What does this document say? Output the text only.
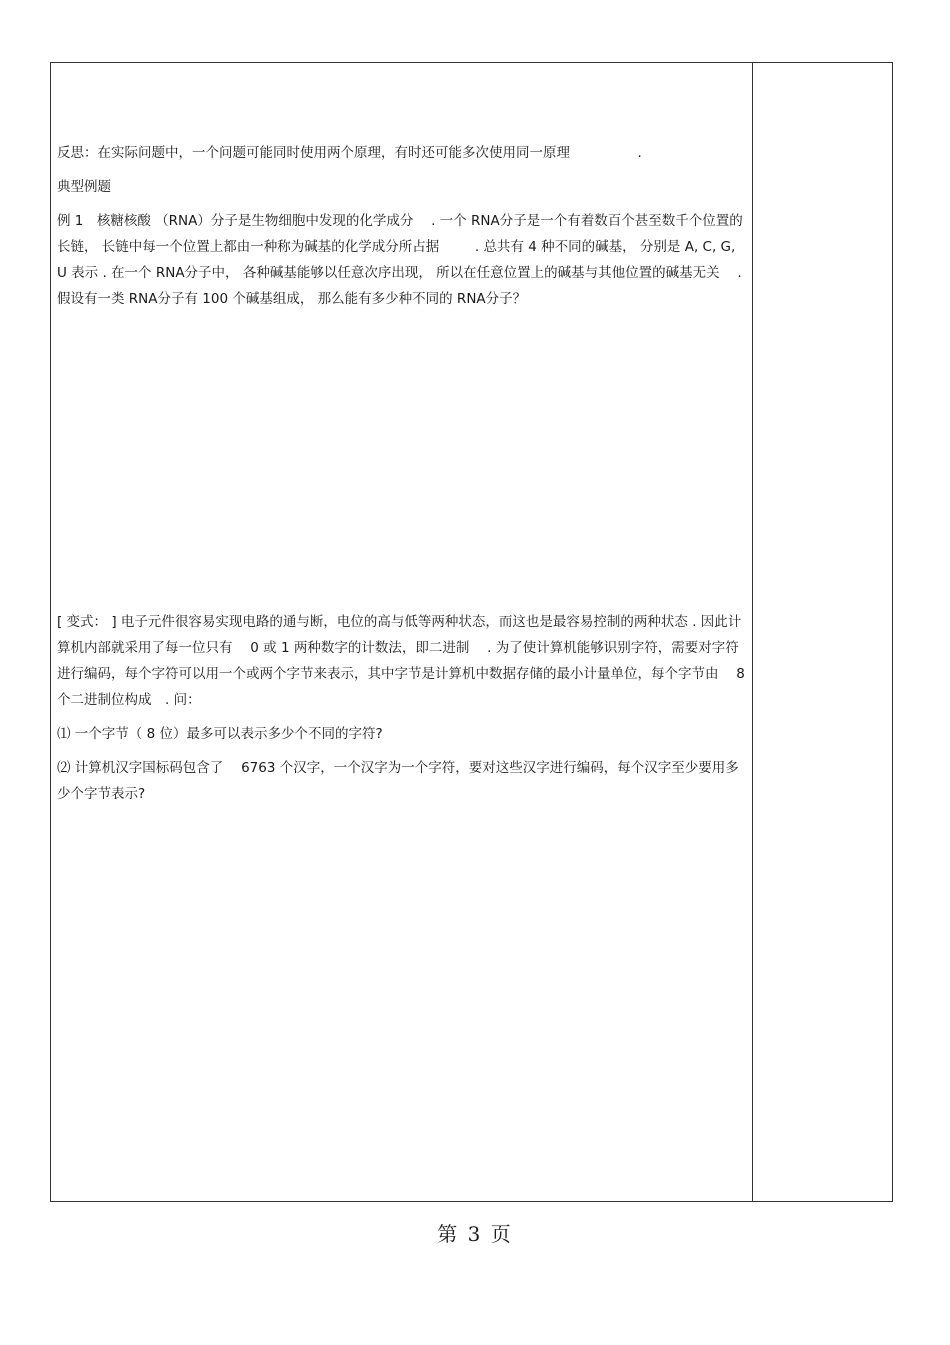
反思：在实际问题中，一个问题可能同时使用两个原理，有时还可能多次使用同一原理　　　　　.

典型例题

例 1　核糖核酸 （RNA）分子是生物细胞中发现的化学成分　 . 一个 RNA分子是一个有着数百个甚至数千个位置的长链， 长链中每一个位置上都由一种称为碱基的化学成分所占据　 　 . 总共有 4 种不同的碱基， 分别是 A, C, G, U 表示 . 在一个 RNA分子中， 各种碱基能够以任意次序出现， 所以在任意位置上的碱基与其他位置的碱基无关　 . 假设有一类 RNA分子有 100 个碱基组成， 那么能有多少种不同的 RNA分子？

[ 变式： ] 电子元件很容易实现电路的通与断，电位的高与低等两种状态，而这也是最容易控制的两种状态 . 因此计算机内部就采用了每一位只有　 0 或 1 两种数字的计数法，即二进制　 . 为了使计算机能够识别字符，需要对字符进行编码，每个字符可以用一个或两个字节来表示，其中字节是计算机中数据存储的最小计量单位，每个字节由　 8 个二进制位构成　. 问：

⑴ 一个字节（ 8 位）最多可以表示多少个不同的字符?

⑵ 计算机汉字国标码包含了　 6763 个汉字，一个汉字为一个字符，要对这些汉字进行编码，每个汉字至少要用多少个字节表示?

第 3 页
